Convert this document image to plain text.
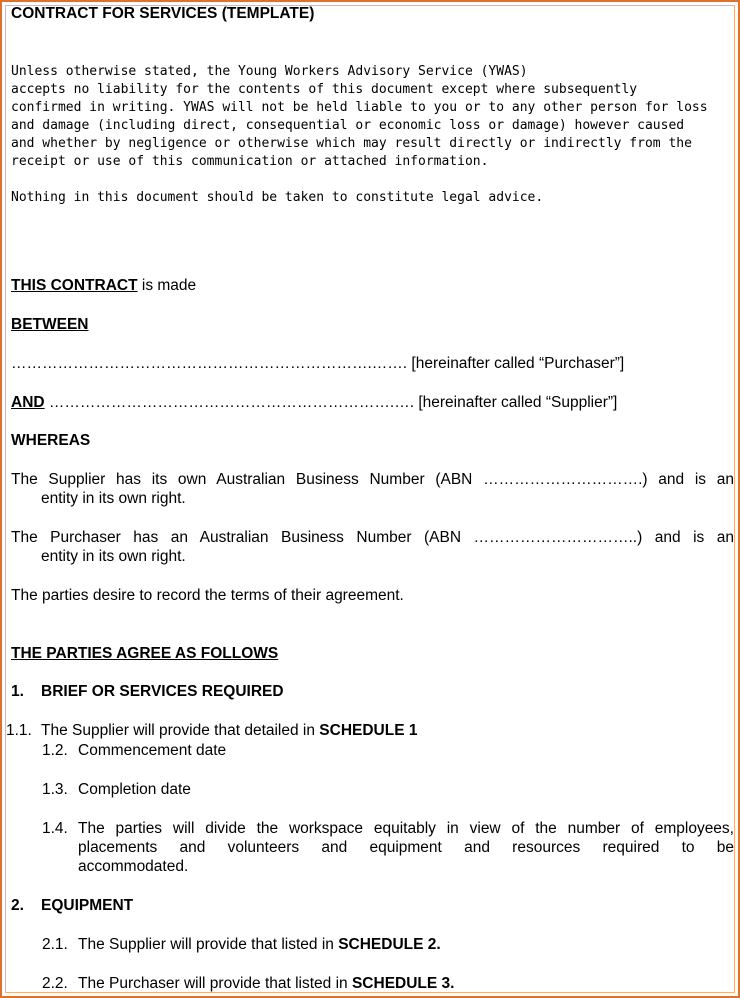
CONTRACT FOR SERVICES (TEMPLATE)
Unless otherwise stated, the Young Workers Advisory Service (YWAS)
accepts no liability for the contents of this document except where subsequently
confirmed in writing. YWAS will not be held liable to you or to any other person for loss
and damage (including direct, consequential or economic loss or damage) however caused
and whether by negligence or otherwise which may result directly or indirectly from the
receipt or use of this communication or attached information.
Nothing in this document should be taken to constitute legal advice.
THIS CONTRACT is made
BETWEEN
…………………………………………………………….……. [hereinafter called “Purchaser”]
AND ………………………………………………………….…. [hereinafter called “Supplier”]
WHEREAS
The Supplier has its own Australian Business Number (ABN ………………………….) and is an
entity in its own right.
The Purchaser has an Australian Business Number (ABN …………………………..) and is an
entity in its own right.
The parties desire to record the terms of their agreement.
THE PARTIES AGREE AS FOLLOWS
1. BRIEF OR SERVICES REQUIRED
1.1. The Supplier will provide that detailed in SCHEDULE 1
1.2. Commencement date
1.3. Completion date
1.4. The parties will divide the workspace equitably in view of the number of employees,
placements and volunteers and equipment and resources required to be
accommodated.
2. EQUIPMENT
2.1. The Supplier will provide that listed in SCHEDULE 2.
2.2. The Purchaser will provide that listed in SCHEDULE 3.
